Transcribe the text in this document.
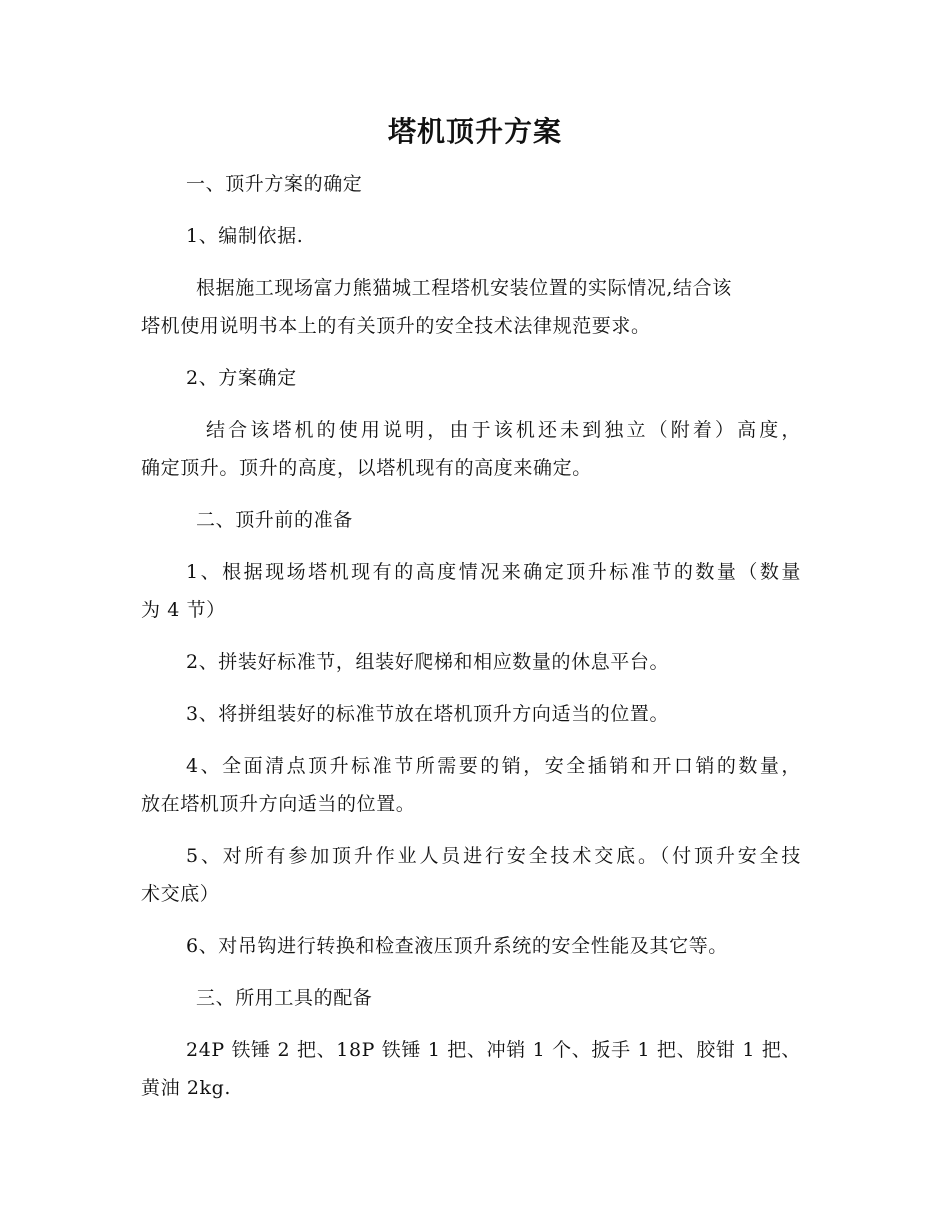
塔机顶升方案
一、顶升方案的确定
1、编制依据.
根据施工现场富力熊猫城工程塔机安装位置的实际情况,结合该
塔机使用说明书本上的有关顶升的安全技术法律规范要求。
2、方案确定
结合该塔机的使用说明，由于该机还未到独立（附着）高度，
确定顶升。顶升的高度，以塔机现有的高度来确定。
二、顶升前的准备
1、根据现场塔机现有的高度情况来确定顶升标准节的数量（数量
为 4 节）
2、拼装好标准节，组装好爬梯和相应数量的休息平台。
3、将拼组装好的标准节放在塔机顶升方向适当的位置。
4、全面清点顶升标准节所需要的销，安全插销和开口销的数量，
放在塔机顶升方向适当的位置。
5、对所有参加顶升作业人员进行安全技术交底。（付顶升安全技
术交底）
6、对吊钩进行转换和检查液压顶升系统的安全性能及其它等。
三、所用工具的配备
24P 铁锤 2 把、18P 铁锤 1 把、冲销 1 个、扳手 1 把、胶钳 1 把、
黄油 2kg.
